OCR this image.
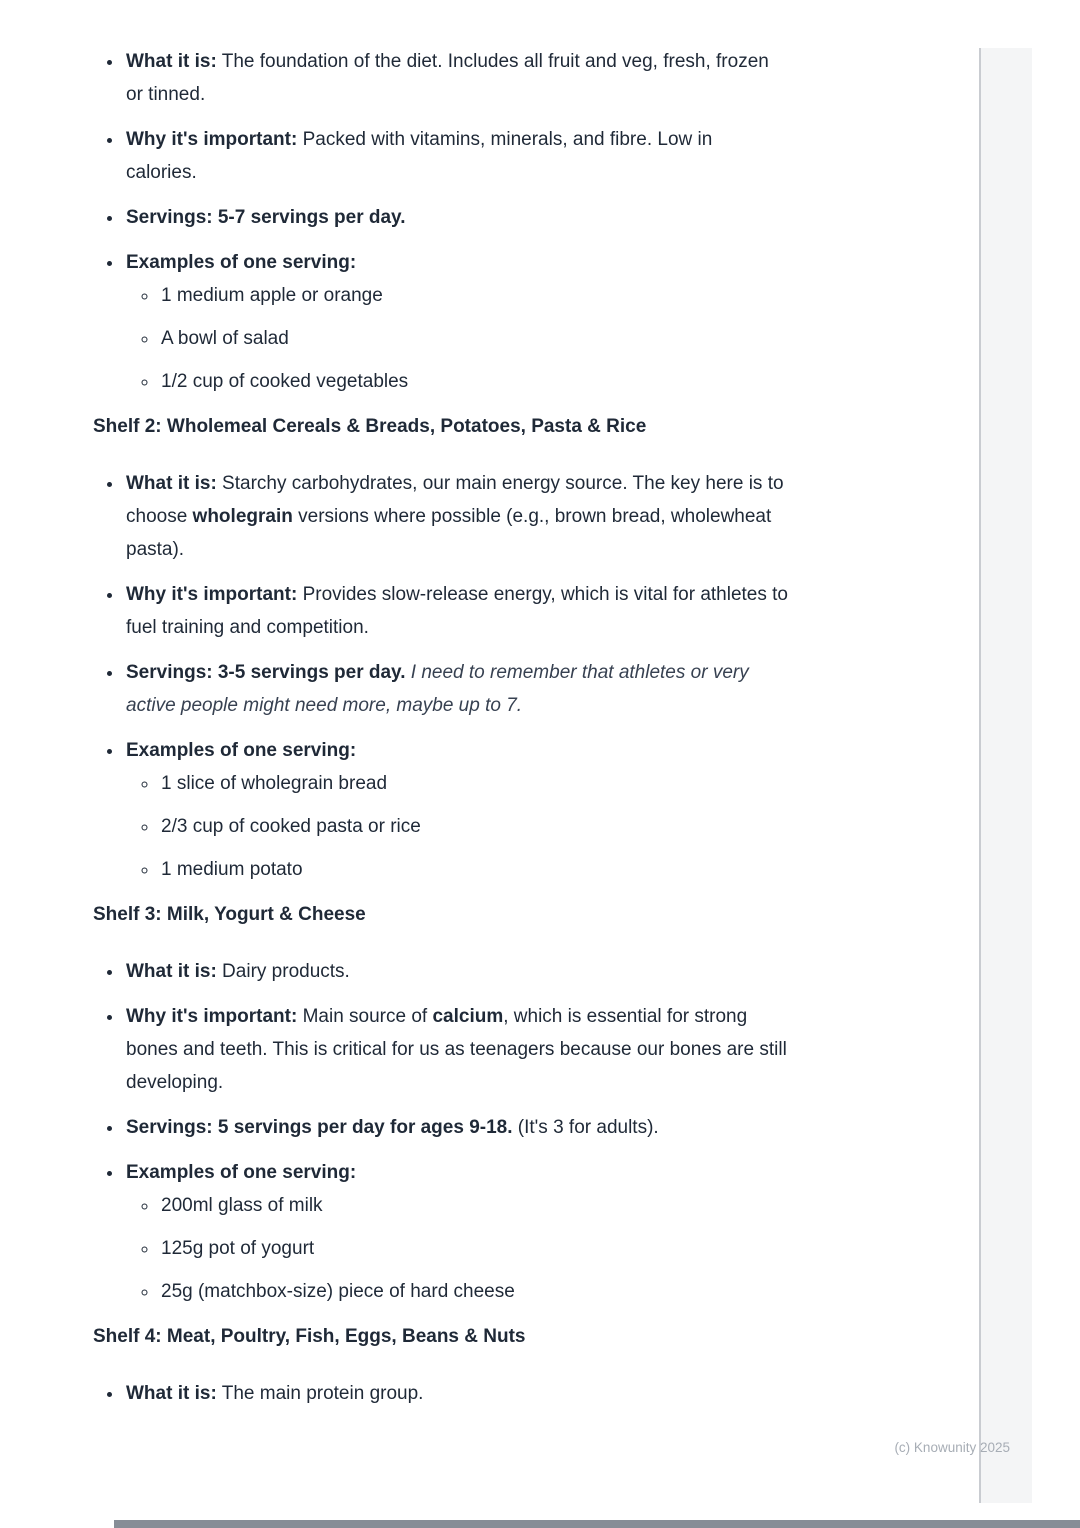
• What it is: The foundation of the diet. Includes all fruit and veg, fresh, frozen or tinned.
• Why it's important: Packed with vitamins, minerals, and fibre. Low in calories.
• Servings: 5-7 servings per day.
• Examples of one serving:
◦ 1 medium apple or orange
◦ A bowl of salad
◦ 1/2 cup of cooked vegetables
Shelf 2: Wholemeal Cereals & Breads, Potatoes, Pasta & Rice
• What it is: Starchy carbohydrates, our main energy source. The key here is to choose wholegrain versions where possible (e.g., brown bread, wholewheat pasta).
• Why it's important: Provides slow-release energy, which is vital for athletes to fuel training and competition.
• Servings: 3-5 servings per day. I need to remember that athletes or very active people might need more, maybe up to 7.
• Examples of one serving:
◦ 1 slice of wholegrain bread
◦ 2/3 cup of cooked pasta or rice
◦ 1 medium potato
Shelf 3: Milk, Yogurt & Cheese
• What it is: Dairy products.
• Why it's important: Main source of calcium, which is essential for strong bones and teeth. This is critical for us as teenagers because our bones are still developing.
• Servings: 5 servings per day for ages 9-18. (It's 3 for adults).
• Examples of one serving:
◦ 200ml glass of milk
◦ 125g pot of yogurt
◦ 25g (matchbox-size) piece of hard cheese
Shelf 4: Meat, Poultry, Fish, Eggs, Beans & Nuts
• What it is: The main protein group.
(c) Knowunity 2025
